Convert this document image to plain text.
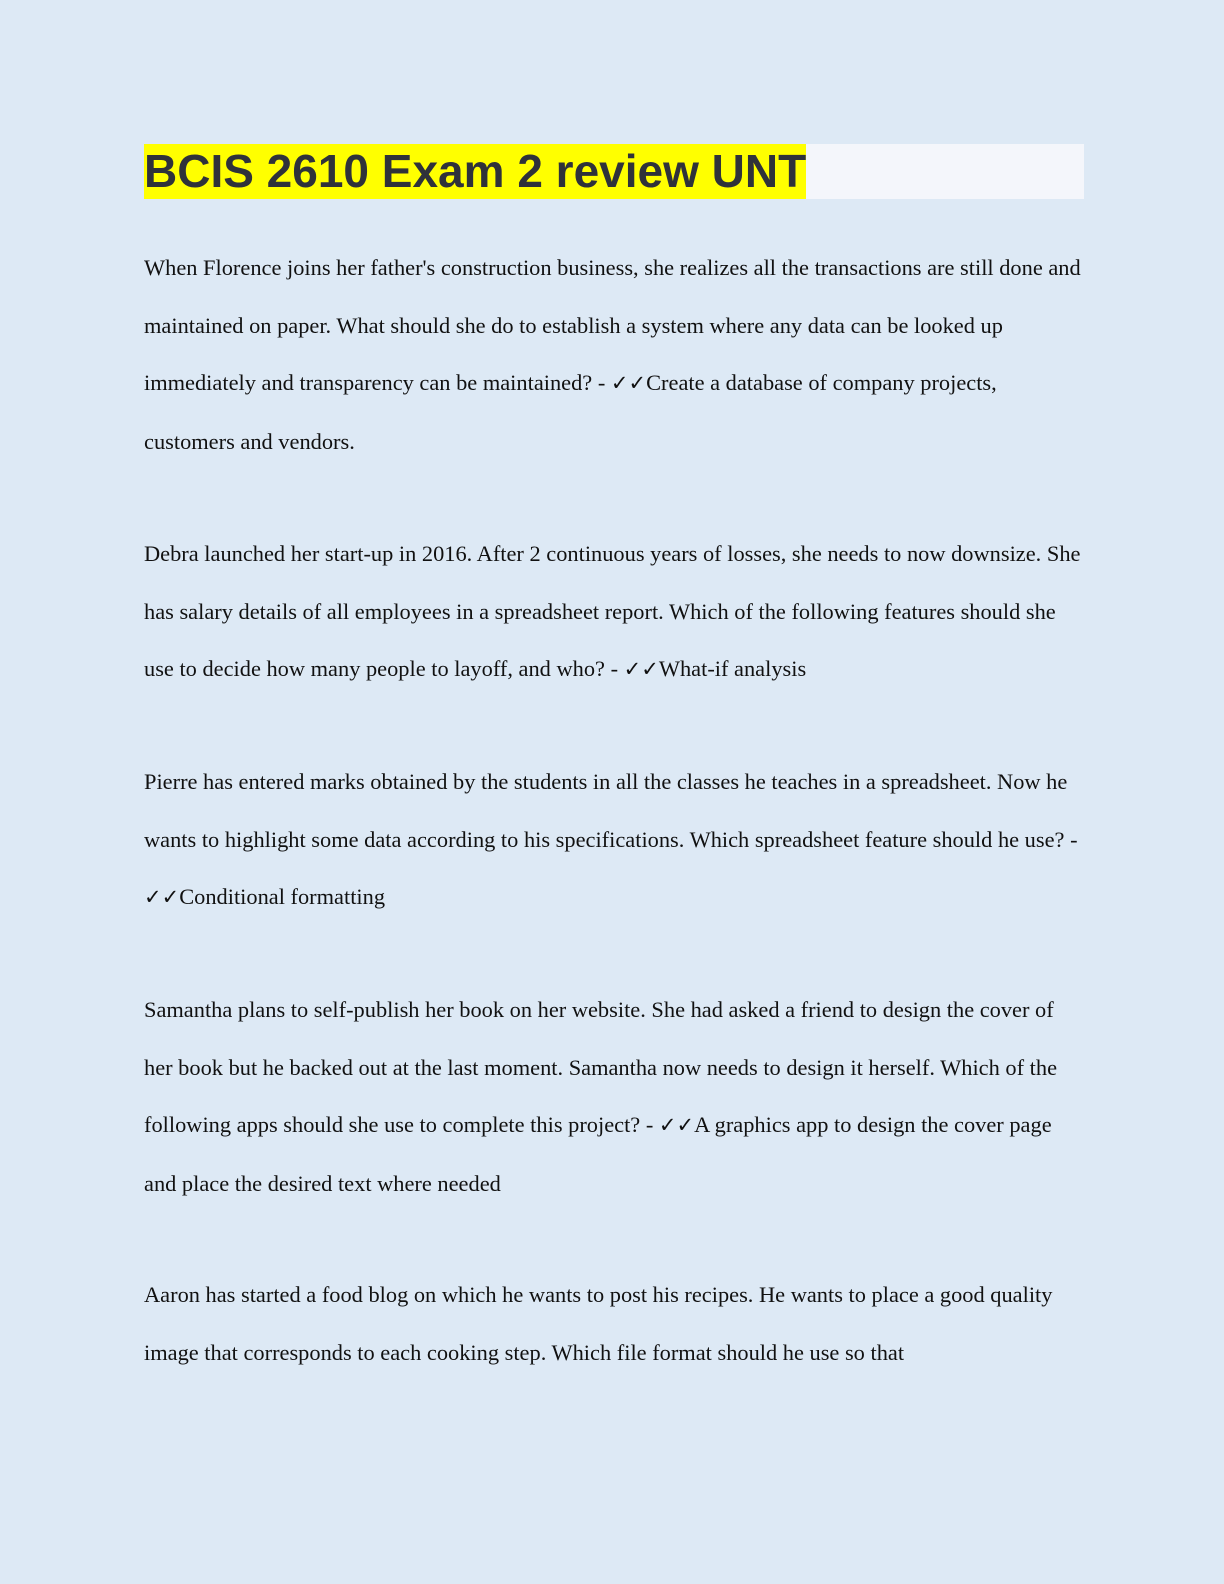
BCIS 2610 Exam 2 review UNT

When Florence joins her father's construction business, she realizes all the transactions are still done and maintained on paper. What should she do to establish a system where any data can be looked up immediately and transparency can be maintained? - ✓✓Create a database of company projects, customers and vendors.

Debra launched her start-up in 2016. After 2 continuous years of losses, she needs to now downsize. She has salary details of all employees in a spreadsheet report. Which of the following features should she use to decide how many people to layoff, and who? - ✓✓What-if analysis

Pierre has entered marks obtained by the students in all the classes he teaches in a spreadsheet. Now he wants to highlight some data according to his specifications. Which spreadsheet feature should he use? - ✓✓Conditional formatting

Samantha plans to self-publish her book on her website. She had asked a friend to design the cover of her book but he backed out at the last moment. Samantha now needs to design it herself. Which of the following apps should she use to complete this project? - ✓✓A graphics app to design the cover page and place the desired text where needed

Aaron has started a food blog on which he wants to post his recipes. He wants to place a good quality image that corresponds to each cooking step. Which file format should he use so that
